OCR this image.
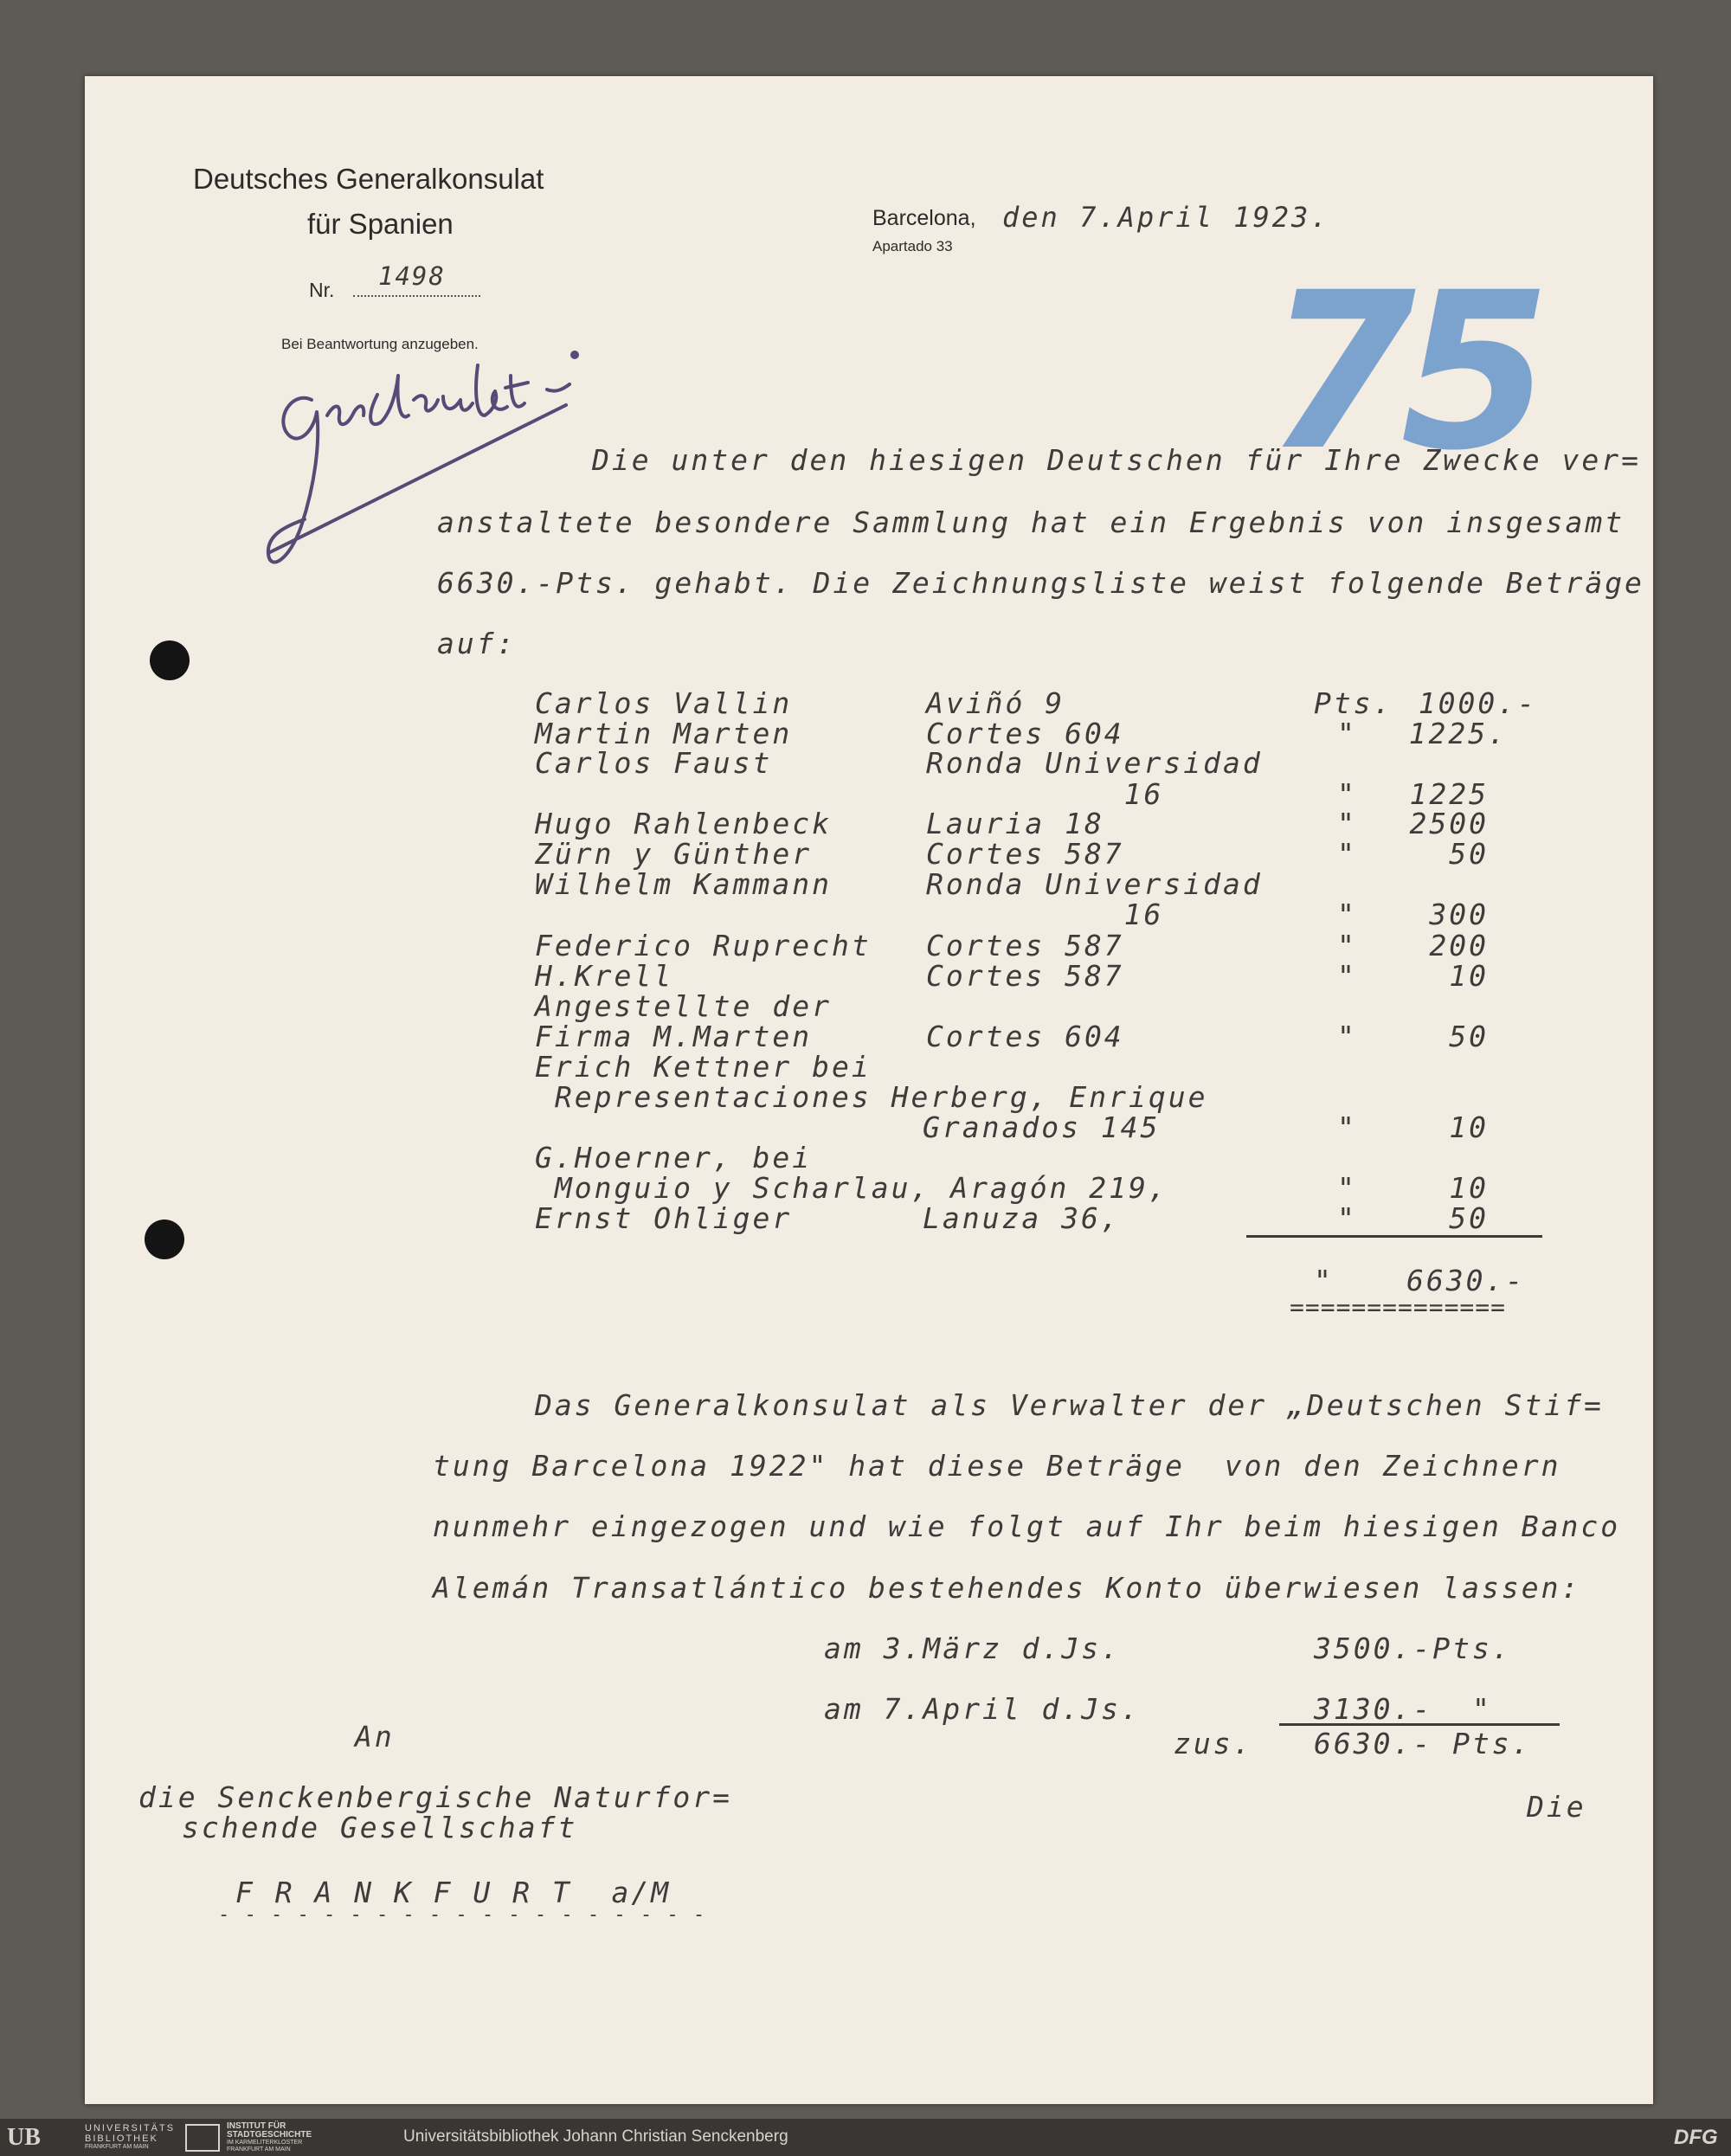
Deutsches Generalkonsulat
für Spanien
Nr. 1498
Bei Beantwortung anzugeben.
Barcelona, den 7.April 1923.
Apartado 33 75
Die unter den hiesigen Deutschen für Ihre Zwecke ver=
anstaltete besondere Sammlung hat ein Ergebnis von insgesamt
6630.-Pts. gehabt. Die Zeichnungsliste weist folgende Beträge
auf:
Carlos Vallin	Aviñó 9	Pts. 1000.-
Martin Marten	Cortes 604	" 1225.
Carlos Faust	Ronda Universidad
16	" 1225
Hugo Rahlenbeck	Lauria 18	" 2500
Zürn y Günther	Cortes 587	"	50
Wilhelm Kammann	Ronda Universidad
16	"	300
Federico Ruprecht Cortes 587	"	200
H.Krell	Cortes 587	"	10
Angestellte der
Firma M.Marten	Cortes 604	"	50
Erich Kettner bei
Representaciones Herberg, Enrique
Granados 145	"	10
G.Hoerner, bei
Monguio y Scharlau, Aragón 219,	"	10
Ernst Ohliger	Lanuza 36,	"	50
"	6630.-
==============
Das Generalkonsulat als Verwalter der „Deutschen Stif=
tung Barcelona 1922" hat diese Beträge  von den Zeichnern
nunmehr eingezogen und wie folgt auf Ihr beim hiesigen Banco
Alemán Transatlántico bestehendes Konto überwiesen lassen:
am 3.März d.Js.	3500.-Pts.
am 7.April d.Js.	3130.-  "
zus. 6630.- Pts.
An
die Senckenbergische Naturfor=
schende Gesellschaft
F R A N K F U R T  a/M
- - - - - - - - - - - - - - - - - - -
Die
UB	UNIVERSITÄTS
BIBLIOTHEK
FRANKFURT AM MAIN
INSTITUT FÜR
STADTGESCHICHTE
IM KARMELITERKLOSTER
FRANKFURT AM MAIN
Universitätsbibliothek Johann Christian Senckenberg	DFG
